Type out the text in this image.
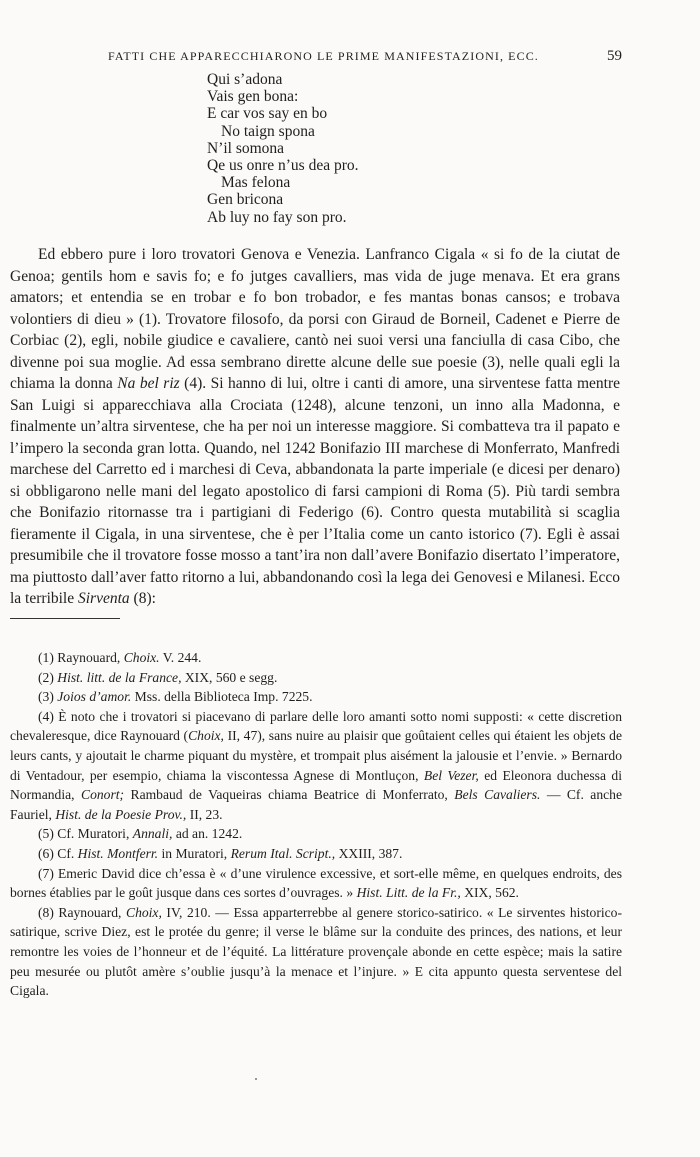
FATTI CHE APPARECCHIARONO LE PRIME MANIFESTAZIONI, ECC.	59
Qui s’adona
Vais gen bona:
E car vos say en bo
No taign spona
N’il somona
Qe us onre n’us dea pro.
Mas felona
Gen bricona
Ab luy no fay son pro.

Ed ebbero pure i loro trovatori Genova e Venezia. Lanfranco Cigala « si fo de la ciutat de Genoa; gentils hom e savis fo; e fo jutges cavalliers, mas vida de juge menava. Et era grans amators; et entendia se en trobar e fo bon trobador, e fes mantas bonas cansos; e trobava volontiers di dieu » (1). Trovatore filosofo, da porsi con Giraud de Borneil, Cadenet e Pierre de Corbiac (2), egli, nobile giudice e cavaliere, cantò nei suoi versi una fanciulla di casa Cibo, che divenne poi sua moglie. Ad essa sembrano dirette alcune delle sue poesie (3), nelle quali egli la chiama la donna Na bel riz (4). Si hanno di lui, oltre i canti di amore, una sirventese fatta mentre San Luigi si apparecchiava alla Crociata (1248), alcune tenzoni, un inno alla Madonna, e finalmente un’altra sirventese, che ha per noi un interesse maggiore. Si combatteva tra il papato e l’impero la seconda gran lotta. Quando, nel 1242 Bonifazio III marchese di Monferrato, Manfredi marchese del Carretto ed i marchesi di Ceva, abbandonata la parte imperiale (e dicesi per denaro) si obbligarono nelle mani del legato apostolico di farsi campioni di Roma (5). Più tardi sembra che Bonifazio ritornasse tra i partigiani di Federigo (6). Contro questa mutabilità si scaglia fieramente il Cigala, in una sirventese, che è per l’Italia come un canto istorico (7). Egli è assai presumibile che il trovatore fosse mosso a tant’ira non dall’avere Bonifazio disertato l’imperatore, ma piuttosto dall’aver fatto ritorno a lui, abbandonando così la lega dei Genovesi e Milanesi. Ecco la terribile Sirventa (8):

(1) Raynouard, Choix. V. 244.

(2) Hist. litt. de la France, XIX, 560 e segg.

(3) Joios d’amor. Mss. della Biblioteca Imp. 7225.

(4) È noto che i trovatori si piacevano di parlare delle loro amanti sotto nomi supposti: « cette discretion chevaleresque, dice Raynouard (Choix, II, 47), sans nuire au plaisir que goûtaient celles qui étaient les objets de leurs cants, y ajoutait le charme piquant du mystère, et trompait plus aisément la jalousie et l’envie. » Bernardo di Ventadour, per esempio, chiama la viscontessa Agnese di Montluçon, Bel Vezer, ed Eleonora duchessa di Normandia, Conort; Rambaud de Vaqueiras chiama Beatrice di Monferrato, Bels Cavaliers. — Cf. anche Fauriel, Hist. de la Poesie Prov., II, 23.

(5) Cf. Muratori, Annali, ad an. 1242.

(6) Cf. Hist. Montferr. in Muratori, Rerum Ital. Script., XXIII, 387.

(7) Emeric David dice ch’essa è « d’une virulence excessive, et sort-elle même, en quelques endroits, des bornes établies par le goût jusque dans ces sortes d’ouvrages. » Hist. Litt. de la Fr., XIX, 562.

(8) Raynouard, Choix, IV, 210. — Essa apparterrebbe al genere storico-satirico. « Le sirventes historico-satirique, scrive Diez, est le protée du genre; il verse le blâme sur la conduite des princes, des nations, et leur remontre les voies de l’honneur et de l’équité. La littérature provençale abonde en cette espèce; mais la satire peu mesurée ou plutôt amère s’oublie jusqu’à la menace et l’injure. » E cita appunto questa serventese del Cigala.
